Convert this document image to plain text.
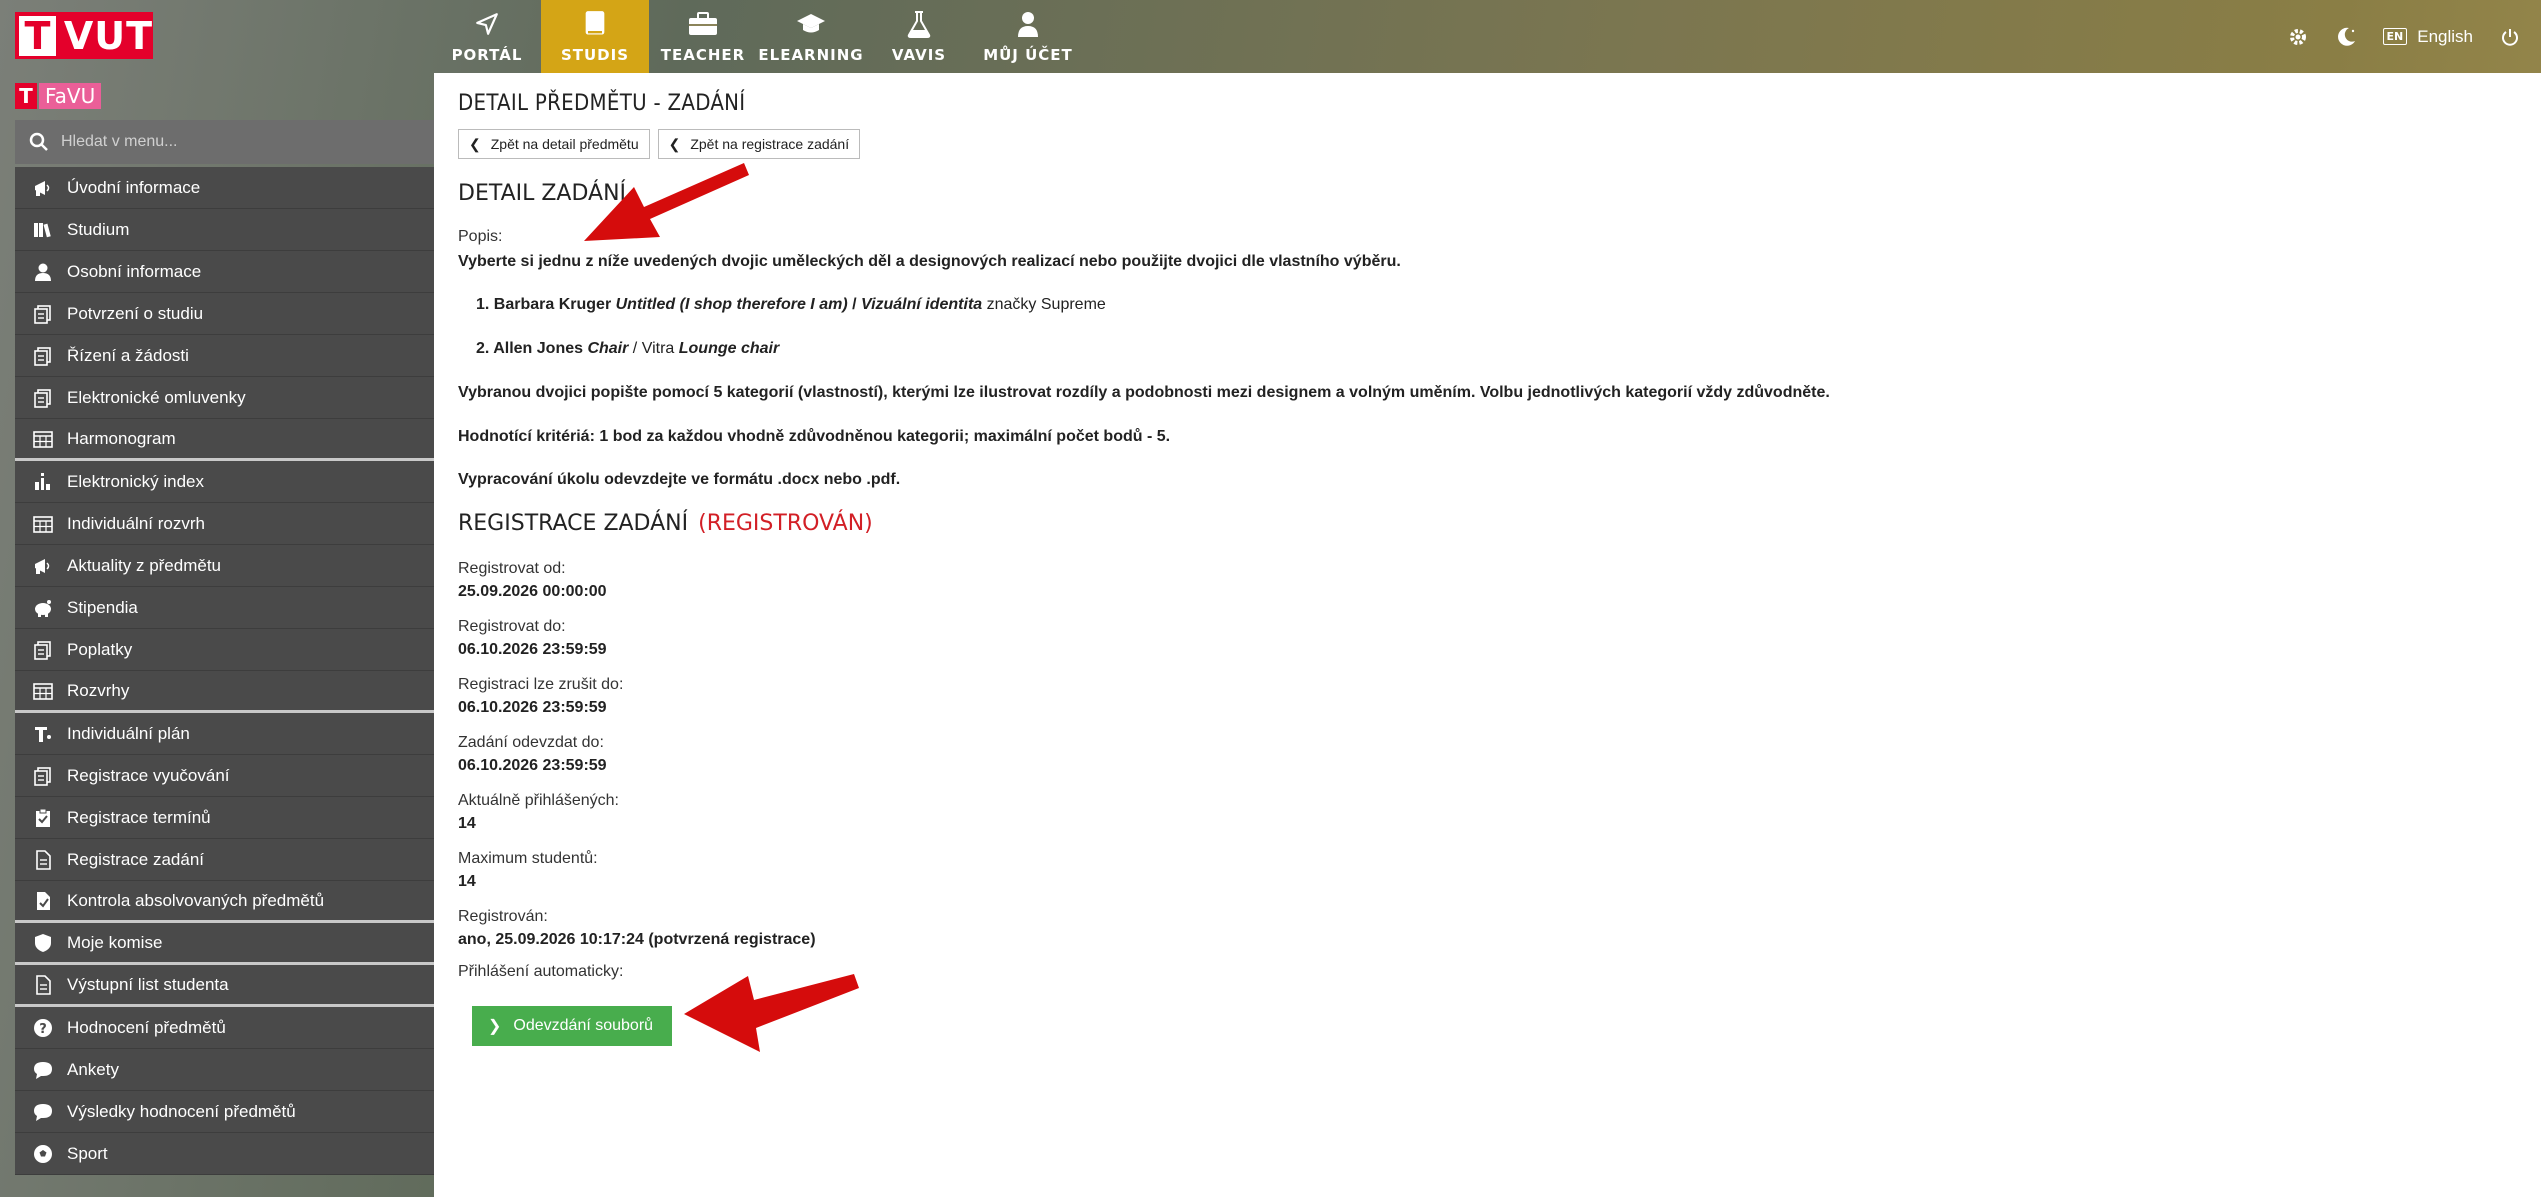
T VUT	PORTÁL	STUDIS TEACHER ELEARNING VAVIS MŮJ ÚČET
EN English
T FaVU
Hledat v menu...
Úvodní informace
Studium
Osobní informace
Potvrzení o studiu
Řízení a žádosti
Elektronické omluvenky
Harmonogram
Elektronický index
Individuální rozvrh
Aktuality z předmětu
Stipendia
Poplatky
Rozvrhy
Individuální plán
Registrace vyučování
Registrace termínů
Registrace zadání
Kontrola absolvovaných předmětů
Moje komise
Výstupní list studenta
? Hodnocení předmětů
Ankety
Výsledky hodnocení předmětů
Sport
DETAIL PŘEDMĚTU - ZADÁNÍ
❮ Zpět na detail předmětu ❮ Zpět na registrace zadání
DETAIL ZADÁNÍ
Popis:
Vyberte si jednu z níže uvedených dvojic uměleckých děl a designových realizací nebo použijte dvojici dle vlastního výběru.
1. Barbara Kruger Untitled (I shop therefore I am) / Vizuální identita značky Supreme
2. Allen Jones Chair / Vitra Lounge chair
Vybranou dvojici popište pomocí 5 kategorií (vlastností), kterými lze ilustrovat rozdíly a podobnosti mezi designem a volným uměním. Volbu jednotlivých kategorií vždy zdůvodněte.
Hodnotící kritériá: 1 bod za každou vhodně zdůvodněnou kategorii; maximální počet bodů - 5.
Vypracování úkolu odevzdejte ve formátu .docx nebo .pdf.
REGISTRACE ZADÁNÍ (REGISTROVÁN)
Registrovat od:
25.09.2026 00:00:00
Registrovat do:
06.10.2026 23:59:59
Registraci lze zrušit do:
06.10.2026 23:59:59
Zadání odevzdat do:
06.10.2026 23:59:59
Aktuálně přihlášených:
14
Maximum studentů:
14
Registrován:
ano, 25.09.2026 10:17:24 (potvrzená registrace)
Přihlášení automaticky:
❯ Odevzdání souborů
